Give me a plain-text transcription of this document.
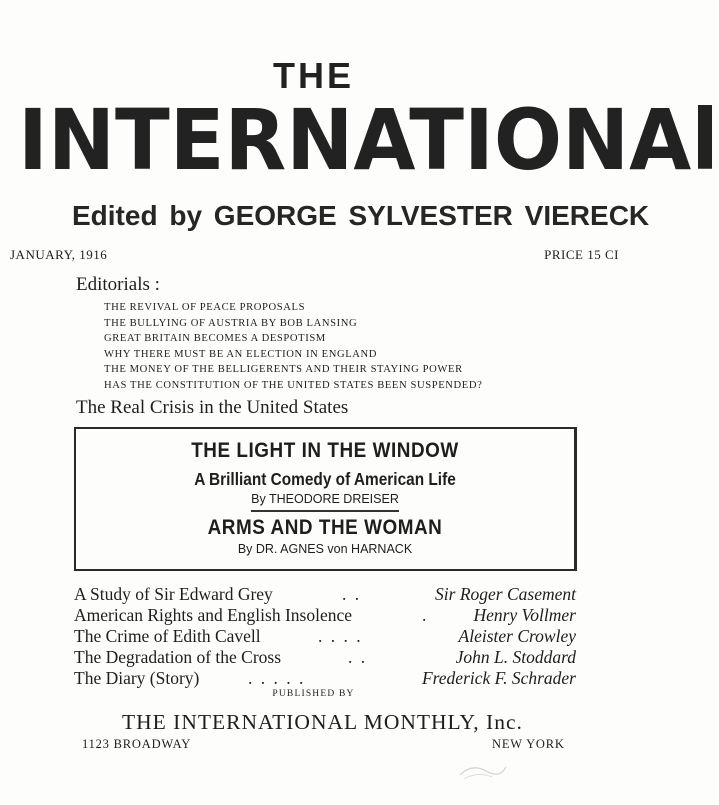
THE
INTERNATIONAl
Edited by GEORGE SYLVESTER VIERECK
JANUARY, 1916	PRICE 15 CI
Editorials :
THE REVIVAL OF PEACE PROPOSALS
THE BULLYING OF AUSTRIA BY BOB LANSING
GREAT BRITAIN BECOMES A DESPOTISM
WHY THERE MUST BE AN ELECTION IN ENGLAND
THE MONEY OF THE BELLIGERENTS AND THEIR STAYING POWER
HAS THE CONSTITUTION OF THE UNITED STATES BEEN SUSPENDED?
The Real Crisis in the United States
THE LIGHT IN THE WINDOW
A Brilliant Comedy of American Life
By THEODORE DREISER
ARMS AND THE WOMAN
By DR. AGNES von HARNACK
A Study of Sir Edward Grey	. .	Sir Roger Casement
American Rights and English Insolence	.	Henry Vollmer
The Crime of Edith Cavell	. . . .	Aleister Crowley
The Degradation of the Cross	. .	John L. Stoddard
The Diary (Story)	. . . . .	Frederick F. Schrader
PUBLISHED BY
THE INTERNATIONAL MONTHLY, Inc.
1123 BROADWAY	NEW YORK
